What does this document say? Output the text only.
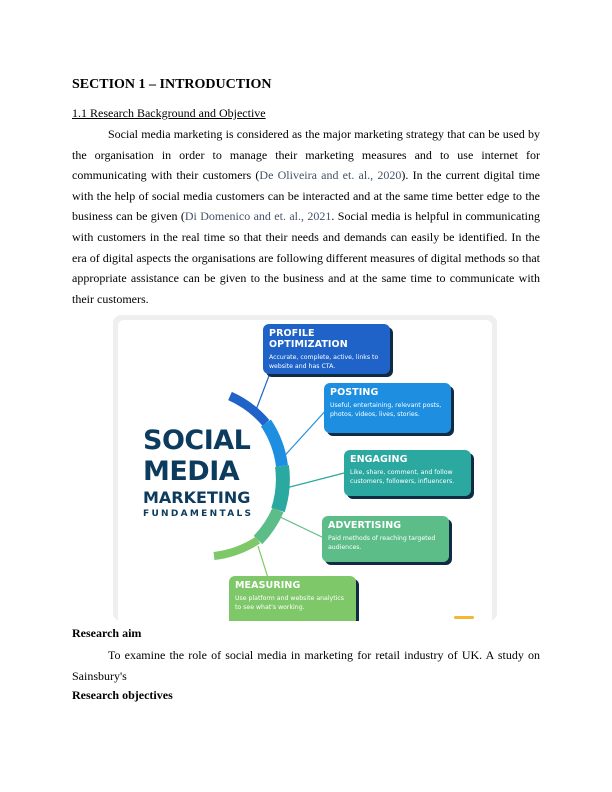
SECTION 1 – INTRODUCTION

1.1 Research Background and Objective

Social media marketing is considered as the major marketing strategy that can be used by the organisation in order to manage their marketing measures and to use internet for communicating with their customers (De Oliveira and et. al., 2020). In the current digital time with the help of social media customers can be interacted and at the same time better edge to the business can be given (Di Domenico and et. al., 2021. Social media is helpful in communicating with customers in the real time so that their needs and demands can easily be identified. In the era of digital aspects the organisations are following different measures of digital methods so that appropriate assistance can be given to the business and at the same time to communicate with their customers.

SOCIAL

MEDIA

MARKETING

FUNDAMENTALS

PROFILE OPTIMIZATION

Accurate, complete, active, links to website and has CTA.

POSTING

Useful, entertaining, relevant posts, photos, videos, lives, stories.

ENGAGING

Like, share, comment, and follow customers, followers, influencers.

ADVERTISING

Paid methods of reaching targeted audiences.

MEASURING

Use platform and website analytics to see what's working.

Research aim

To examine the role of social media in marketing for retail industry of UK. A study on Sainsbury's

Research objectives
